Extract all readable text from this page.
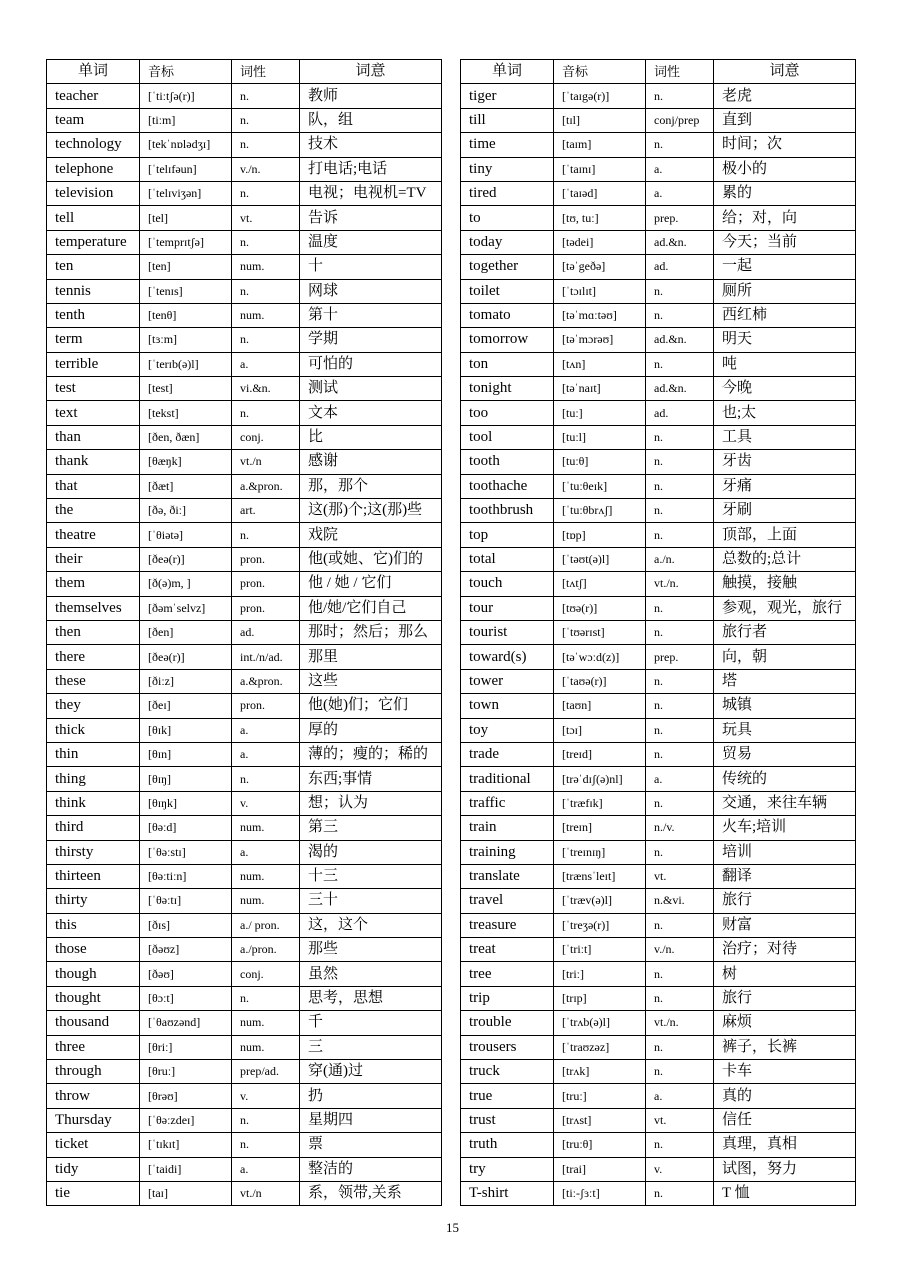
单词	音标	词性	词意
teacher	[ˈtiːtʃə(r)]	n.	教师
team	[tiːm]	n.	队，组
technology	[tekˈnɒlədʒɪ]	n.	技术
telephone	[ˈtelɪfəun]	v./n.	打电话;电话
television	[ˈtelɪviʒən]	n.	电视；电视机=TV
tell	[tel]	vt.	告诉
temperature	[ˈtemprɪtʃə]	n.	温度
ten	[ten]	num.	十
tennis	[ˈtenɪs]	n.	网球
tenth	[tenθ]	num.	第十
term	[tɜːm]	n.	学期
terrible	[ˈterɪb(ə)l]	a.	可怕的
test	[test]	vi.&n.	测试
text	[tekst]	n.	文本
than	[ðen, ðæn]	conj.	比
thank	[θæŋk]	vt./n	感谢
that	[ðæt]	a.&pron.	那，那个
the	[ðə, ðiː]	art.	这(那)个;这(那)些
theatre	[ˈθiətə]	n.	戏院
their	[ðeə(r)]	pron.	他(或她、它)们的
them	[ð(ə)m, ]	pron.	他 / 她 / 它们
themselves	[ðəmˈselvz]	pron.	他/她/它们自己
then	[ðen]	ad.	那时；然后；那么
there	[ðeə(r)]	int./n/ad.	那里
these	[ðiːz]	a.&pron.	这些
they	[ðeɪ]	pron.	他(她)们；它们
thick	[θɪk]	a.	厚的
thin	[θɪn]	a.	薄的；瘦的；稀的
thing	[θɪŋ]	n.	东西;事情
think	[θɪŋk]	v.	想；认为
third	[θəːd]	num.	第三
thirsty	[ˈθəːstɪ]	a.	渴的
thirteen	[θəːtiːn]	num.	十三
thirty	[ˈθəːtɪ]	num.	三十
this	[ðɪs]	a./ pron.	这，这个
those	[ðəʊz]	a./pron.	那些
though	[ðəʊ]	conj.	虽然
thought	[θɔːt]	n.	思考，思想
thousand	[ˈθaʊzənd]	num.	千
three	[θriː]	num.	三
through	[θruː]	prep/ad.	穿(通)过
throw	[θrəʊ]	v.	扔
Thursday	[ˈθəːzdeɪ]	n.	星期四
ticket	[ˈtɪkɪt]	n.	票
tidy	[ˈtaidi]	a.	整洁的
tie	[taɪ]	vt./n	系，领带,关系
单词	音标	词性	词意
tiger	[ˈtaɪgə(r)]	n.	老虎
till	[tɪl]	conj/prep	直到
time	[taɪm]	n.	时间；次
tiny	[ˈtaɪnɪ]	a.	极小的
tired	[ˈtaɪəd]	a.	累的
to	[tʊ, tuː]	prep.	给；对，向
today	[tədei]	ad.&n.	今天；当前
together	[təˈgeðə]	ad.	一起
toilet	[ˈtɔɪlɪt]	n.	厕所
tomato	[təˈmɑːtəʊ]	n.	西红柿
tomorrow	[təˈmɔrəʊ]	ad.&n.	明天
ton	[tʌn]	n.	吨
tonight	[təˈnaɪt]	ad.&n.	今晚
too	[tuː]	ad.	也;太
tool	[tuːl]	n.	工具
tooth	[tuːθ]	n.	牙齿
toothache	[ˈtuːθeɪk]	n.	牙痛
toothbrush	[ˈtuːθbrʌʃ]	n.	牙刷
top	[tɒp]	n.	顶部，上面
total	[ˈtəʊt(ə)l]	a./n.	总数的;总计
touch	[tʌtʃ]	vt./n.	触摸，接触
tour	[tʊə(r)]	n.	参观，观光，旅行
tourist	[ˈtʊərɪst]	n.	旅行者
toward(s)	[təˈwɔːd(z)]	prep.	向，朝
tower	[ˈtaʊə(r)]	n.	塔
town	[taʊn]	n.	城镇
toy	[tɔɪ]	n.	玩具
trade	[treɪd]	n.	贸易
traditional	[trəˈdɪʃ(ə)nl]	a.	传统的
traffic	[ˈtræfɪk]	n.	交通，来往车辆
train	[treɪn]	n./v.	火车;培训
training	[ˈtreɪnɪŋ]	n.	培训
translate	[trænsˈleɪt]	vt.	翻译
travel	[ˈtræv(ə)l]	n.&vi.	旅行
treasure	[ˈtreʒə(r)]	n.	财富
treat	[ˈtriːt]	v./n.	治疗；对待
tree	[triː]	n.	树
trip	[trɪp]	n.	旅行
trouble	[ˈtrʌb(ə)l]	vt./n.	麻烦
trousers	[ˈtraʊzəz]	n.	裤子，长裤
truck	[trʌk]	n.	卡车
true	[truː]	a.	真的
trust	[trʌst]	vt.	信任
truth	[truːθ]	n.	真理，真相
try	[trai]	v.	试图，努力
T-shirt	[tiː-ʃɜːt]	n.	T 恤
15
